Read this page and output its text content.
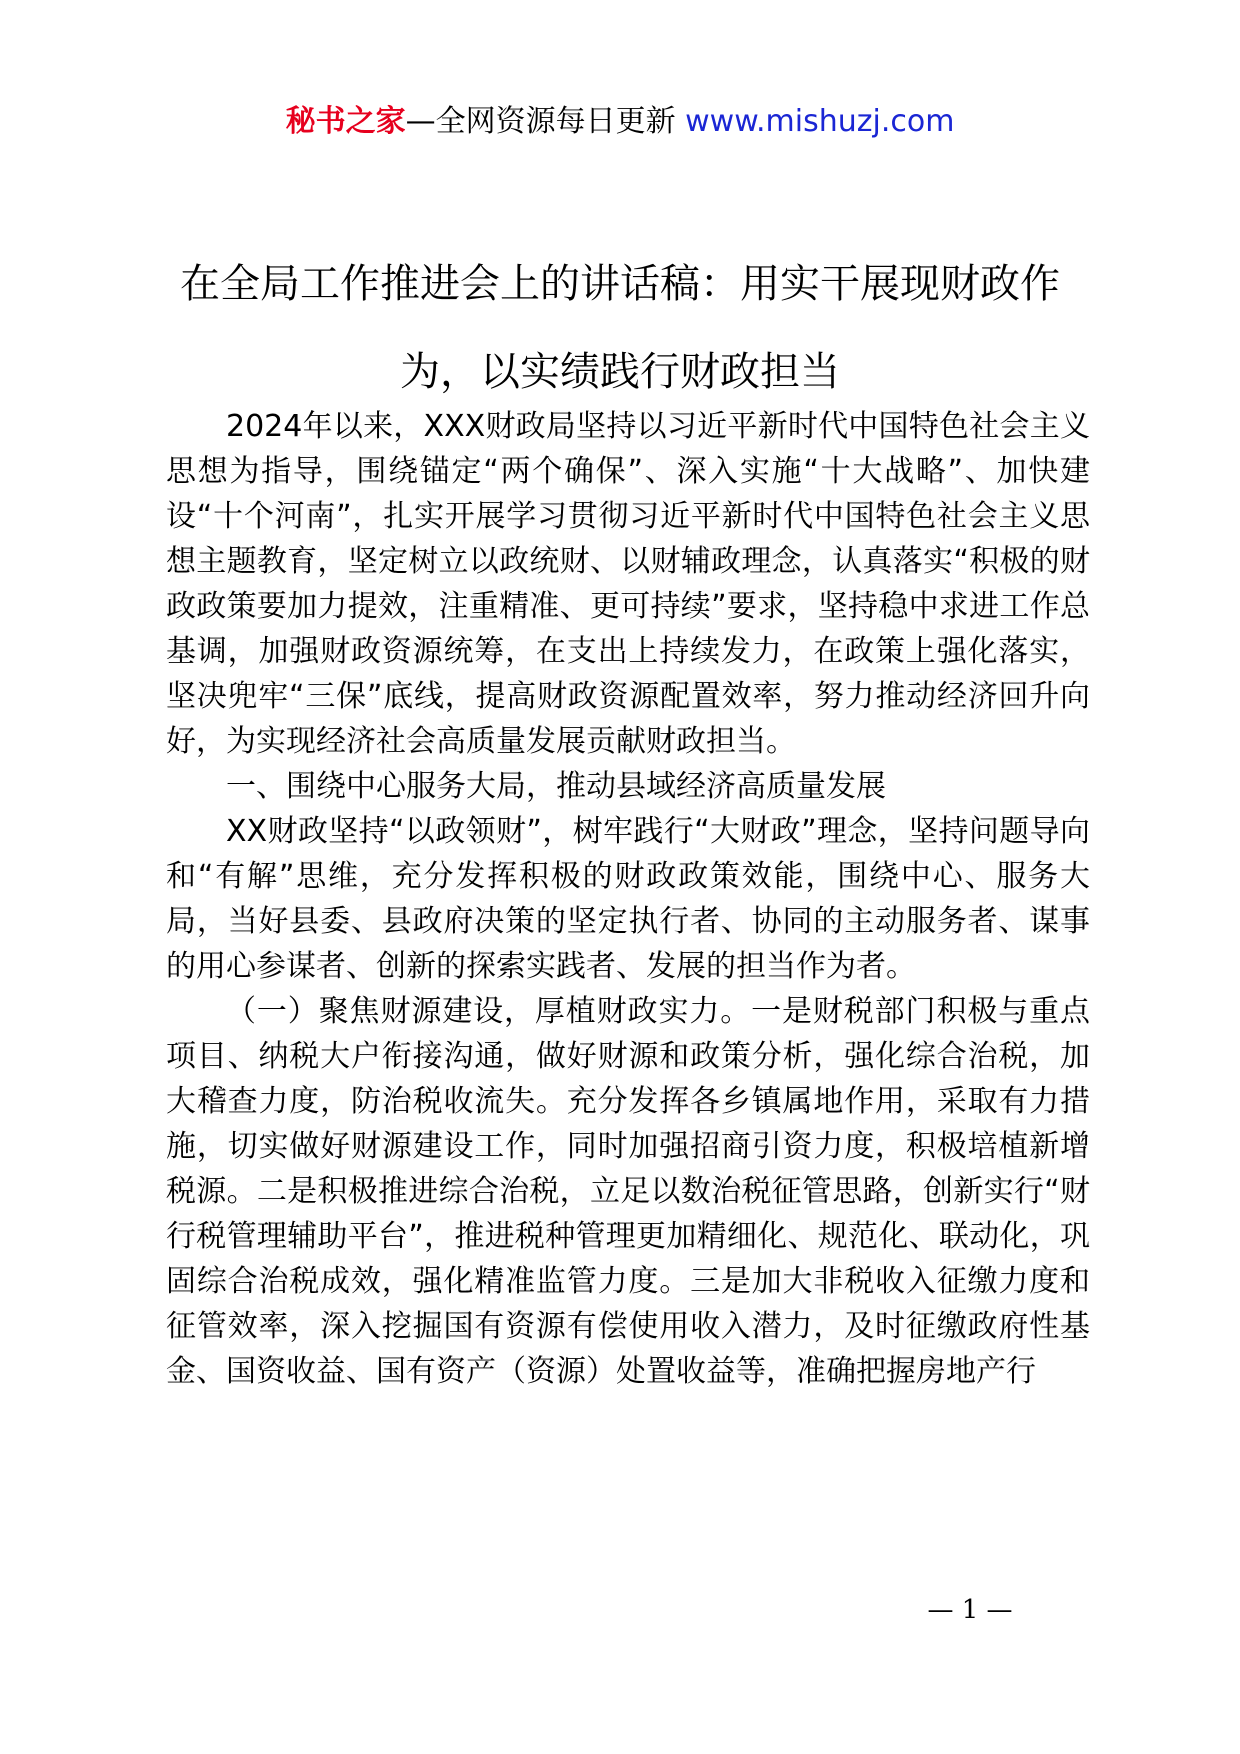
秘书之家—全网资源每日更新 www.mishuzj.com
在全局工作推进会上的讲话稿：用实干展现财政作为，以实绩践行财政担当

2024年以来，XXX财政局坚持以习近平新时代中国特色社会主义思想为指导，围绕锚定“两个确保”、深入实施“十大战略”、加快建设“十个河南”，扎实开展学习贯彻习近平新时代中国特色社会主义思想主题教育，坚定树立以政统财、以财辅政理念，认真落实“积极的财政政策要加力提效，注重精准、更可持续”要求，坚持稳中求进工作总基调，加强财政资源统筹，在支出上持续发力，在政策上强化落实，坚决兜牢“三保”底线，提高财政资源配置效率，努力推动经济回升向好，为实现经济社会高质量发展贡献财政担当。

一、围绕中心服务大局，推动县域经济高质量发展

XX财政坚持“以政领财”，树牢践行“大财政”理念，坚持问题导向和“有解”思维，充分发挥积极的财政政策效能，围绕中心、服务大局，当好县委、县政府决策的坚定执行者、协同的主动服务者、谋事的用心参谋者、创新的探索实践者、发展的担当作为者。

（一）聚焦财源建设，厚植财政实力。一是财税部门积极与重点项目、纳税大户衔接沟通，做好财源和政策分析，强化综合治税，加大稽查力度，防治税收流失。充分发挥各乡镇属地作用，采取有力措施，切实做好财源建设工作，同时加强招商引资力度，积极培植新增税源。二是积极推进综合治税，立足以数治税征管思路，创新实行“财行税管理辅助平台”，推进税种管理更加精细化、规范化、联动化，巩固综合治税成效，强化精准监管力度。三是加大非税收入征缴力度和征管效率，深入挖掘国有资源有偿使用收入潜力，及时征缴政府性基金、国资收益、国有资产（资源）处置收益等，准确把握房地产行

— 1 —
